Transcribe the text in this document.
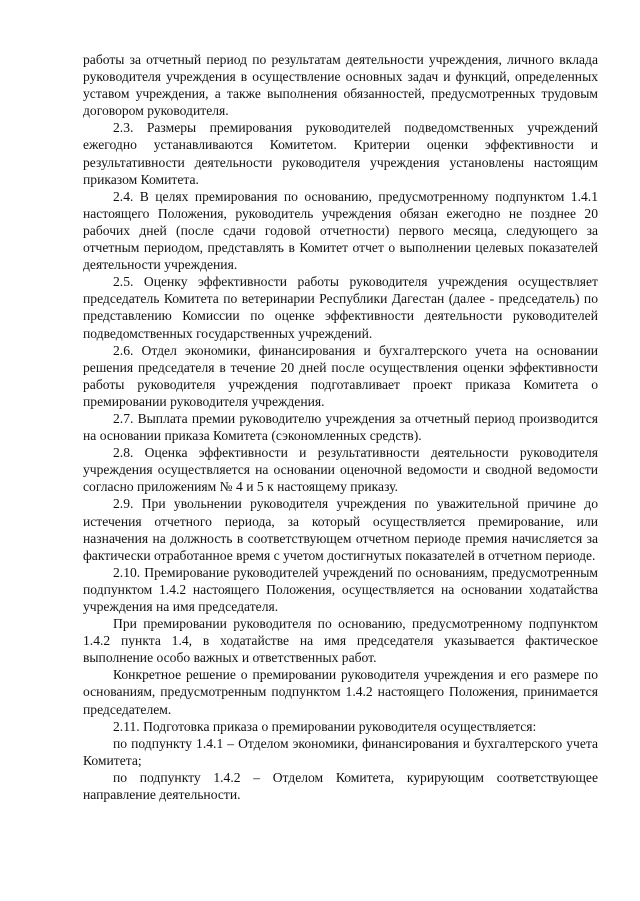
работы за отчетный период по результатам деятельности учреждения, личного вклада руководителя учреждения в осуществление основных задач и функций, определенных уставом учреждения, а также выполнения обязанностей, предусмотренных трудовым договором руководителя.

2.3. Размеры премирования руководителей подведомственных учреждений ежегодно устанавливаются Комитетом. Критерии оценки эффективности и результативности деятельности руководителя учреждения установлены настоящим приказом Комитета.

2.4. В целях премирования по основанию, предусмотренному подпунктом 1.4.1 настоящего Положения, руководитель учреждения обязан ежегодно не позднее 20 рабочих дней (после сдачи годовой отчетности) первого месяца, следующего за отчетным периодом, представлять в Комитет отчет о выполнении целевых показателей деятельности учреждения.

2.5. Оценку эффективности работы руководителя учреждения осуществляет председатель Комитета по ветеринарии Республики Дагестан (далее - председатель) по представлению Комиссии по оценке эффективности деятельности руководителей подведомственных государственных учреждений.

2.6. Отдел экономики, финансирования и бухгалтерского учета на основании решения председателя в течение 20 дней после осуществления оценки эффективности работы руководителя учреждения подготавливает проект приказа Комитета о премировании руководителя учреждения.

2.7. Выплата премии руководителю учреждения за отчетный период производится на основании приказа Комитета (сэкономленных средств).

2.8. Оценка эффективности и результативности деятельности руководителя учреждения осуществляется на основании оценочной ведомости и сводной ведомости согласно приложениям № 4 и 5 к настоящему приказу.

2.9. При увольнении руководителя учреждения по уважительной причине до истечения отчетного периода, за который осуществляется премирование, или назначения на должность в соответствующем отчетном периоде премия начисляется за фактически отработанное время с учетом достигнутых показателей в отчетном периоде.

2.10. Премирование руководителей учреждений по основаниям, предусмотренным подпунктом 1.4.2 настоящего Положения, осуществляется на основании ходатайства учреждения на имя председателя.

При премировании руководителя по основанию, предусмотренному подпунктом 1.4.2 пункта 1.4, в ходатайстве на имя председателя указывается фактическое выполнение особо важных и ответственных работ.

Конкретное решение о премировании руководителя учреждения и его размере по основаниям, предусмотренным подпунктом 1.4.2 настоящего Положения, принимается председателем.

2.11. Подготовка приказа о премировании руководителя осуществляется:

по подпункту 1.4.1 – Отделом экономики, финансирования и бухгалтерского учета Комитета;

по подпункту 1.4.2 – Отделом Комитета, курирующим соответствующее направление деятельности.
